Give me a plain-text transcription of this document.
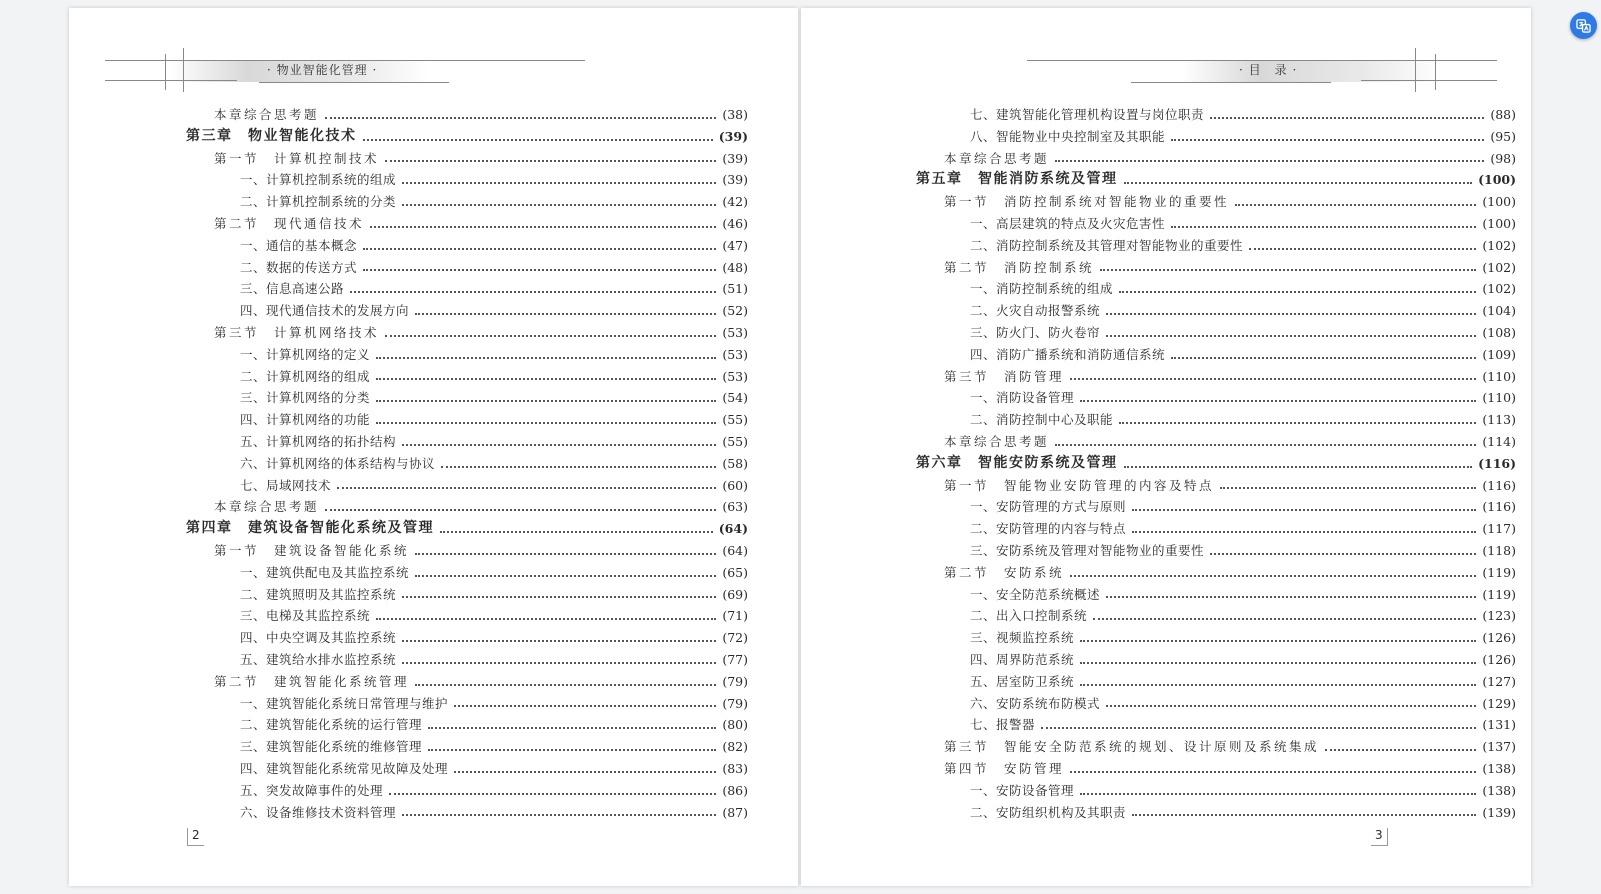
· 物业智能化管理 ·
本章综合思考题	(38)
第三章　物业智能化技术	(39)
第一节　计算机控制技术	(39)
一、计算机控制系统的组成	(39)
二、计算机控制系统的分类	(42)
第二节　现代通信技术	(46)
一、通信的基本概念	(47)
二、数据的传送方式	(48)
三、信息高速公路	(51)
四、现代通信技术的发展方向	(52)
第三节　计算机网络技术	(53)
一、计算机网络的定义	(53)
二、计算机网络的组成	(53)
三、计算机网络的分类	(54)
四、计算机网络的功能	(55)
五、计算机网络的拓扑结构	(55)
六、计算机网络的体系结构与协议	(58)
七、局域网技术	(60)
本章综合思考题	(63)
第四章　建筑设备智能化系统及管理	(64)
第一节　建筑设备智能化系统	(64)
一、建筑供配电及其监控系统	(65)
二、建筑照明及其监控系统	(69)
三、电梯及其监控系统	(71)
四、中央空调及其监控系统	(72)
五、建筑给水排水监控系统	(77)
第二节　建筑智能化系统管理	(79)
一、建筑智能化系统日常管理与维护	(79)
二、建筑智能化系统的运行管理	(80)
三、建筑智能化系统的维修管理	(82)
四、建筑智能化系统常见故障及处理	(83)
五、突发故障事件的处理	(86)
六、设备维修技术资料管理	(87)
2
· 目　录 ·
七、建筑智能化管理机构设置与岗位职责	(88)
八、智能物业中央控制室及其职能	(95)
本章综合思考题	(98)
第五章　智能消防系统及管理	(100)
第一节　消防控制系统对智能物业的重要性	(100)
一、高层建筑的特点及火灾危害性	(100)
二、消防控制系统及其管理对智能物业的重要性	(102)
第二节　消防控制系统	(102)
一、消防控制系统的组成	(102)
二、火灾自动报警系统	(104)
三、防火门、防火卷帘	(108)
四、消防广播系统和消防通信系统	(109)
第三节　消防管理	(110)
一、消防设备管理	(110)
二、消防控制中心及职能	(113)
本章综合思考题	(114)
第六章　智能安防系统及管理	(116)
第一节　智能物业安防管理的内容及特点	(116)
一、安防管理的方式与原则	(116)
二、安防管理的内容与特点	(117)
三、安防系统及管理对智能物业的重要性	(118)
第二节　安防系统	(119)
一、安全防范系统概述	(119)
二、出入口控制系统	(123)
三、视频监控系统	(126)
四、周界防范系统	(126)
五、居室防卫系统	(127)
六、安防系统布防模式	(129)
七、报警器	(131)
第三节　智能安全防范系统的规划、设计原则及系统集成	(137)
第四节　安防管理	(138)
一、安防设备管理	(138)
二、安防组织机构及其职责	(139)
3
